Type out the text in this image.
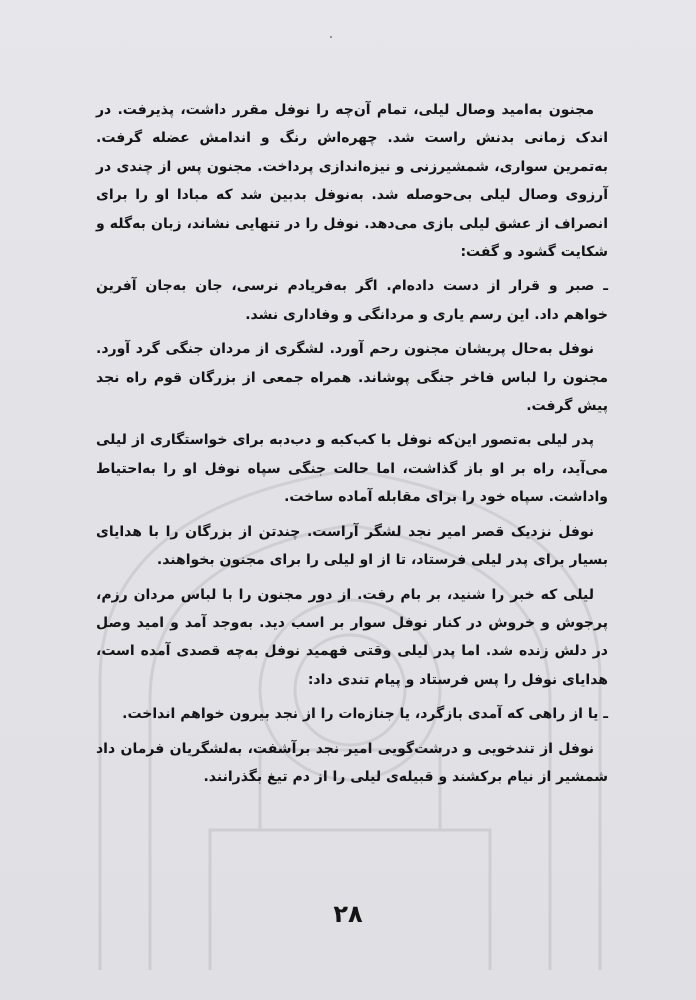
مجنون به‌امید وصال لیلی، تمام آن‌چه را نوفل مقرر داشت، پذیرفت. در اندک زمانی بدنش راست شد. چهره‌اش رنگ و اندامش عضله گرفت. به‌تمرین سواری، شمشیرزنی و نیزه‌اندازی پرداخت. مجنون پس از چندی در آرزوی وصال لیلی بی‌حوصله شد. به‌نوفل بدبین شد که مبادا او را برای انصراف از عشق لیلی بازی می‌دهد. نوفل را در تنهایی نشاند، زبان به‌گله و شکایت گشود و گفت:

ـ صبر و قرار از دست داده‌ام. اگر به‌فریادم نرسی، جان به‌جان آفرین خواهم داد. این رسم یاری و مردانگی و وفاداری نشد.

نوفل به‌حال پریشان مجنون رحم آورد. لشگری از مردان جنگی گرد آورد. مجنون را لباس فاخر جنگی پوشاند. همراه جمعی از بزرگان قوم راه نجد پیش گرفت.

پدر لیلی به‌تصور این‌که نوفل با کب‌کبه و دب‌دبه برای خواستگاری از لیلی می‌آید، راه بر او باز گذاشت، اما حالت جنگی سپاه نوفل او را به‌احتیاط واداشت. سپاه خود را برای مقابله آماده ساخت.

نوفل نزدیک قصر امیر نجد لشگر آراست. چندتن از بزرگان را با هدایای بسیار برای پدر لیلی فرستاد، تا از او لیلی را برای مجنون بخواهند.

لیلی که خبر را شنید، بر بام رفت. از دور مجنون را با لباس مردان رزم، پرجوش و خروش در کنار نوفل سوار بر اسب دید. به‌وجد آمد و امید وصل در دلش زنده شد. اما پدر لیلی وقتی فهمید نوفل به‌چه قصدی آمده است، هدایای نوفل را پس فرستاد و پیام تندی داد:

ـ یا از راهی که آمدی بازگرد، یا جنازه‌ات را از نجد بیرون خواهم انداخت.

نوفل از تندخویی و درشت‌گویی امیر نجد برآشفت، به‌لشگریان فرمان داد شمشیر از نیام برکشند و قبیله‌ی لیلی را از دم تیغ بگذرانند.

۲۸
